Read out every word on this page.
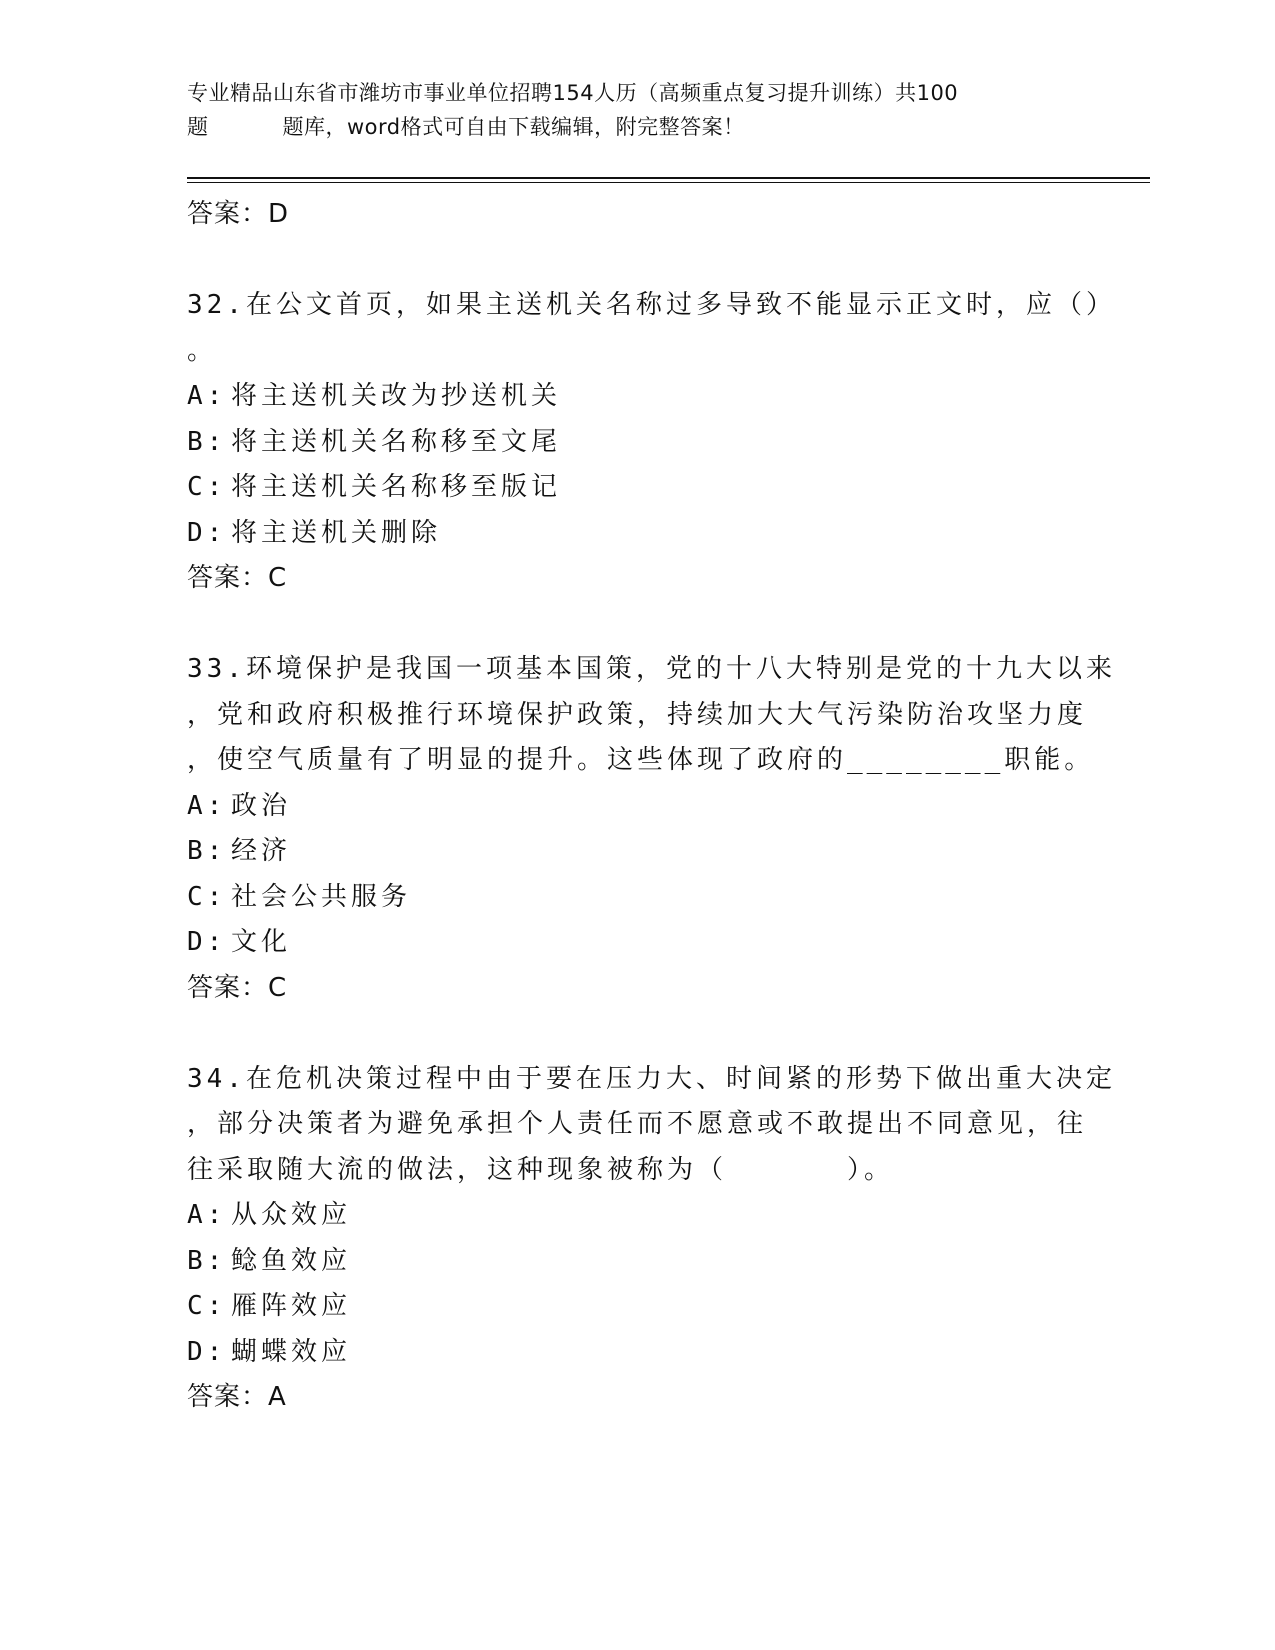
专业精品山东省市潍坊市事业单位招聘154人历（高频重点复习提升训练）共100
题	题库，word格式可自由下载编辑，附完整答案！
答案：D
32.在公文首页，如果主送机关名称过多导致不能显示正文时，应（）
。
A: 将主送机关改为抄送机关
B: 将主送机关名称移至文尾
C: 将主送机关名称移至版记
D: 将主送机关删除
答案：C
33.环境保护是我国一项基本国策，党的十八大特别是党的十九大以来
，党和政府积极推行环境保护政策，持续加大大气污染防治攻坚力度
，使空气质量有了明显的提升。这些体现了政府的________职能。
A: 政治
B: 经济
C: 社会公共服务
D: 文化
答案：C
34.在危机决策过程中由于要在压力大、时间紧的形势下做出重大决定
，部分决策者为避免承担个人责任而不愿意或不敢提出不同意见，往
往采取随大流的做法，这种现象被称为（　　　　）。
A: 从众效应
B: 鲶鱼效应
C: 雁阵效应
D: 蝴蝶效应
答案：A
